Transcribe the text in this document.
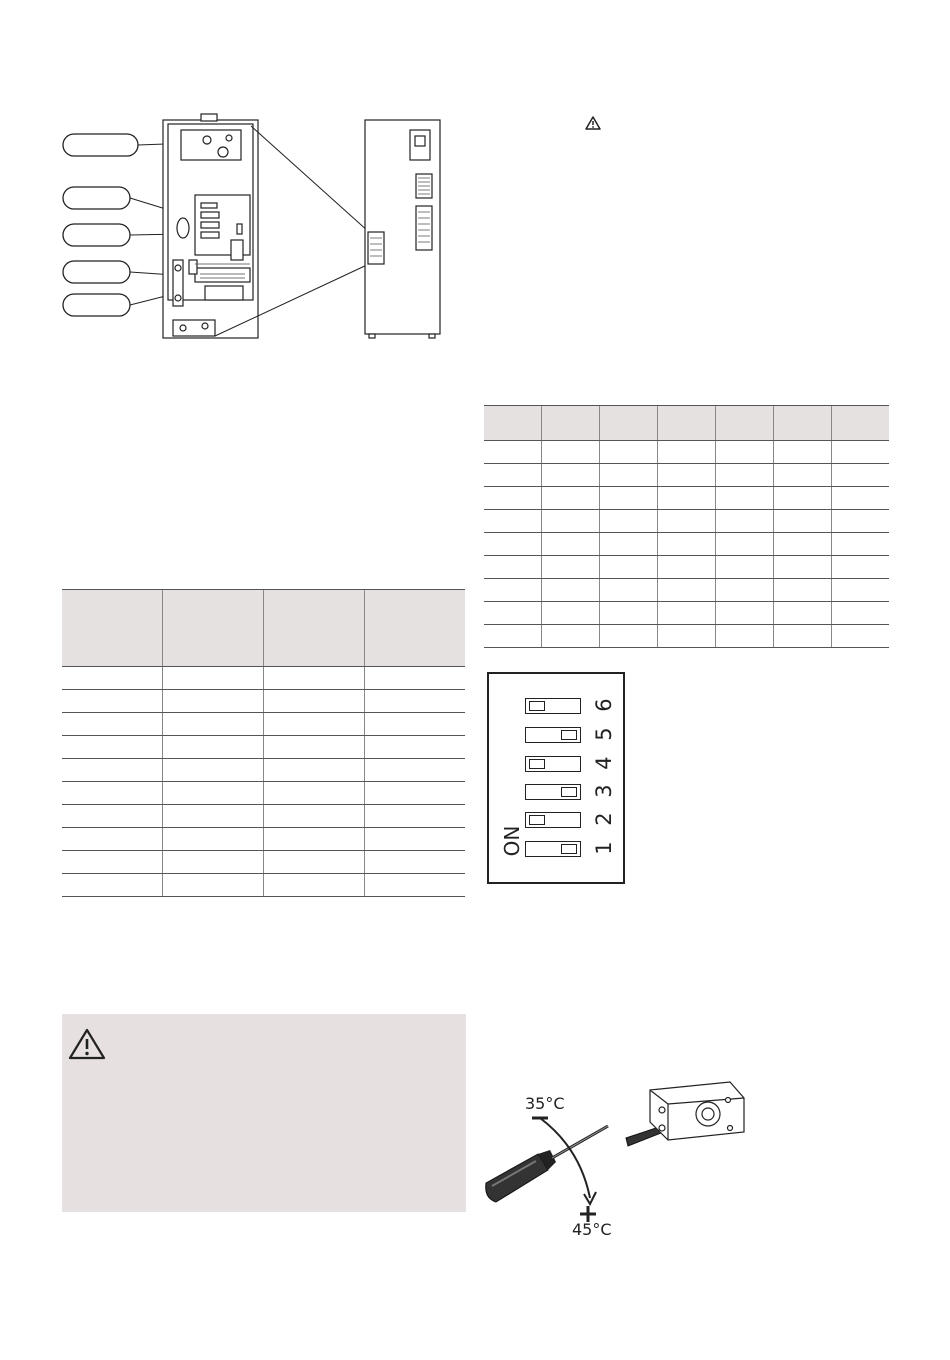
6
5
4
3
2
1
ON
35°C
45°C
